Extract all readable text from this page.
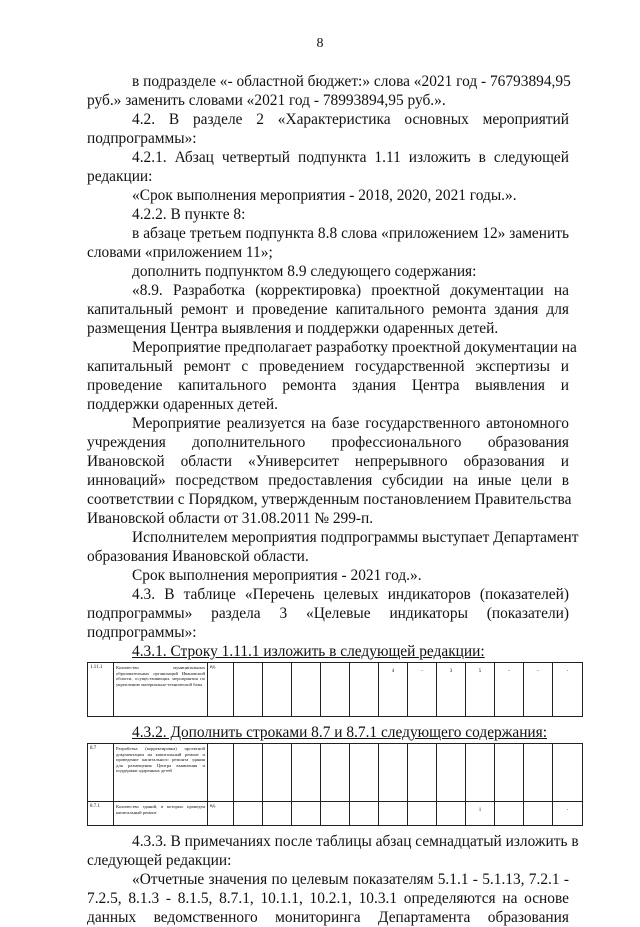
8
в подразделе «- областной бюджет:» слова «2021 год - 76793894,95
руб.» заменить словами «2021 год - 78993894,95 руб.».
4.2. В разделе 2 «Характеристика основных мероприятий
подпрограммы»:
4.2.1. Абзац четвертый подпункта 1.11 изложить в следующей
редакции:
«Срок выполнения мероприятия - 2018, 2020, 2021 годы.».
4.2.2. В пункте 8:
в абзаце третьем подпункта 8.8 слова «приложением 12» заменить
словами «приложением 11»;
дополнить подпунктом 8.9 следующего содержания:
«8.9. Разработка (корректировка) проектной документации на
капитальный ремонт и проведение капитального ремонта здания для
размещения Центра выявления и поддержки одаренных детей.
Мероприятие предполагает разработку проектной документации на
капитальный ремонт с проведением государственной экспертизы и
проведение капитального ремонта здания Центра выявления и
поддержки одаренных детей.
Мероприятие реализуется на базе государственного автономного
учреждения дополнительного профессионального образования
Ивановской области «Университет непрерывного образования и
инноваций» посредством предоставления субсидии на иные цели в
соответствии с Порядком, утвержденным постановлением Правительства
Ивановской области от 31.08.2011 № 299-п.
Исполнителем мероприятия подпрограммы выступает Департамент
образования Ивановской области.
Срок выполнения мероприятия - 2021 год.».
4.3. В таблице «Перечень целевых индикаторов (показателей)
подпрограммы» раздела 3 «Целевые индикаторы (показатели)
подпрограммы»:
4.3.1. Строку 1.11.1 изложить в следующей редакции:
1.11.1	Количество муниципальных образовательных организаций Ивановской области, осуществляющих мероприятия по укреплению материально-технической базы	ед.						4	-	3	5	-	-	-
4.3.2. Дополнить строками 8.7 и 8.7.1 следующего содержания:
8.7	Разработка (корректировка) проектной документации на капитальный ремонт и проведение капитального ремонта здания для размещения Центра выявления и поддержки одаренных детей													
8.7.1	Количество зданий, в которых проведен капитальный ремонт	ед.									1			-
4.3.3. В примечаниях после таблицы абзац семнадцатый изложить в
следующей редакции:
«Отчетные значения по целевым показателям 5.1.1 - 5.1.13, 7.2.1 -
7.2.5, 8.1.3 - 8.1.5, 8.7.1, 10.1.1, 10.2.1, 10.3.1 определяются на основе
данных ведомственного мониторинга Департамента образования
